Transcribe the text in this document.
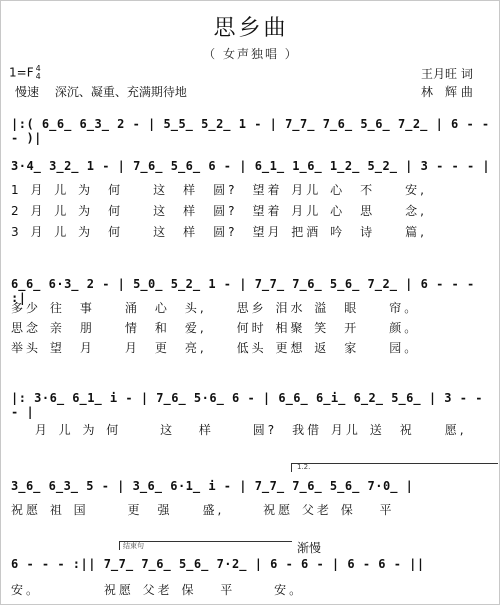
思乡曲
（ 女声独唱 ）
1=F 4
4
慢速　 深沉、凝重、充满期待地
王月旺 词
林　辉 曲
|:( 6̲6̲ 6̲3̲ 2 - | 5̲5̲ 5̲2̲ 1 - | 7̲7̲ 7̲6̲ 5̲6̲ 7̲2̲ | 6 - - - )|
3·4̲ 3̲2̲ 1 - | 7̲6̲ 5̲6̲ 6 - | 6̲1̲ 1̲6̲ 1̲2̲ 5̲2̲ | 3 - - - |
1 月 儿 为　何　　这　样　圆?　望着 月儿 心　不　　安,
2 月 儿 为　何　　这　样　圆?　望着 月儿 心　思　　念,
3 月 儿 为　何　　这　样　圆?　望月 把酒 吟　诗　　篇,
6̲6̲ 6·3̲ 2 - | 5̲0̲ 5̲2̲ 1 - | 7̲7̲ 7̲6̲ 5̲6̲ 7̲2̲ | 6 - - - :|
多少 往　事　　涌　心　头,　　思乡 泪水 溢　眼　　帘。
思念 亲　朋　　情　和　爱,　　何时 相聚 笑　开　　颜。
举头 望　月　　月　更　亮,　　低头 更想 返　家　　园。
|: 3·6̲ 6̲1̲ i - | 7̲6̲ 5·6̲ 6 - | 6̲6̲ 6̲i̲ 6̲2̲ 5̲6̲ | 3 - - - |
　 月 儿 为 何　　 这　 样　　 圆?　我借 月儿 送　祝　　愿,
1.2.
3̲6̲ 6̲3̲ 5 - | 3̲6̲ 6·1̲ i - | 7̲7̲ 7̲6̲ 5̲6̲ 7·0̲ |
祝愿 祖 国　　 更　强　　盛,　　 祝愿 父老 保　 平
结束句	渐慢
6 - - - :|| 7̲7̲ 7̲6̲ 5̲6̲ 7·2̲ | 6 - 6 - | 6 - 6 - ||
安。　　　　 祝愿 父老 保　 平　　 安。
